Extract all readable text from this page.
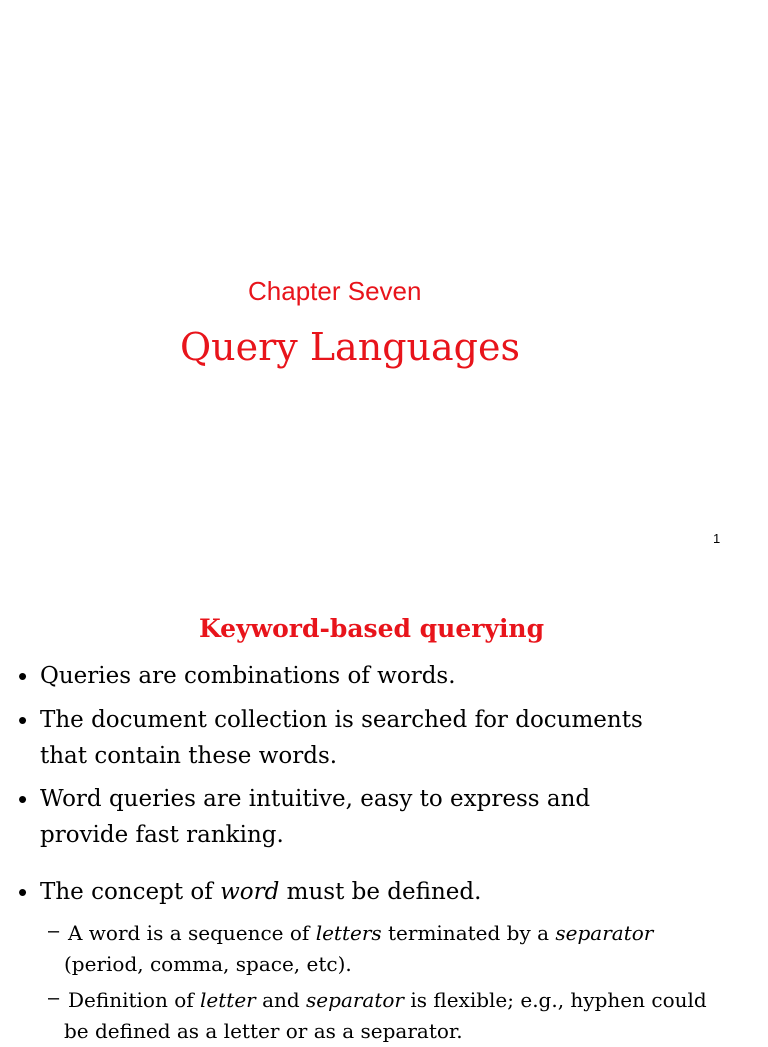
Chapter Seven
Query Languages
1
Keyword-based querying
• Queries are combinations of words.
• The document collection is searched for documents
that contain these words.
• Word queries are intuitive, easy to express and
provide fast ranking.
• The concept of word must be defined.
– A word is a sequence of letters terminated by a separator
(period, comma, space, etc).
– Definition of letter and separator is flexible; e.g., hyphen could
be defined as a letter or as a separator.
